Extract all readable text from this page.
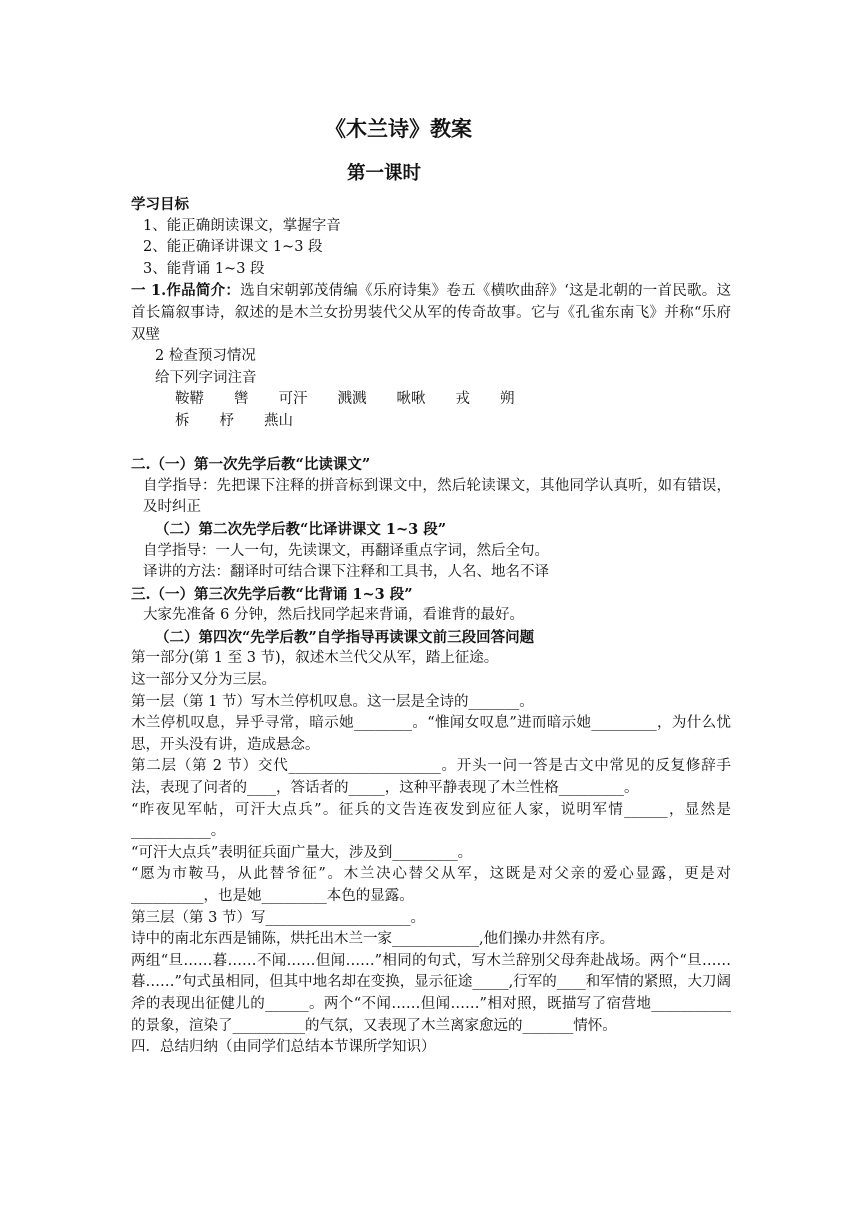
《木兰诗》教案
第一课时

学习目标

1、能正确朗读课文，掌握字音

2、能正确译讲课文 1~3 段

3、能背诵 1~3 段

一 1.作品简介：选自宋朝郭茂倩编《乐府诗集》卷五《横吹曲辞》‘这是北朝的一首民歌。这首长篇叙事诗，叙述的是木兰女扮男装代父从军的传奇故事。它与《孔雀东南飞》并称“乐府双壁

2 检查预习情况

给下列字词注音

鞍鞯 辔 可汗 溅溅 啾啾 戎 朔
柝 杼 燕山

二.（一）第一次先学后教“比读课文”

自学指导：先把课下注释的拼音标到课文中，然后轮读课文，其他同学认真听，如有错误，及时纠正

（二）第二次先学后教“比译讲课文 1~3 段”

自学指导：一人一句，先读课文，再翻译重点字词，然后全句。

译讲的方法：翻译时可结合课下注释和工具书，人名、地名不译

三.（一）第三次先学后教“比背诵 1~3 段”

大家先准备 6 分钟，然后找同学起来背诵，看谁背的最好。

（二）第四次“先学后教”自学指导再读课文前三段回答问题

第一部分(第 1 至 3 节)，叙述木兰代父从军，踏上征途。

这一部分又分为三层。

第一层（第 1 节）写木兰停机叹息。这一层是全诗的_______。

木兰停机叹息，异乎寻常，暗示她________。“惟闻女叹息”进而暗示她_________，为什么忧思，开头没有讲，造成悬念。

第二层（第 2 节）交代_____________________。开头一问一答是古文中常见的反复修辞手法，表现了问者的____，答话者的_____，这种平静表现了木兰性格_________。

“昨夜见军帖，可汗大点兵”。征兵的文告连夜发到应征人家，说明军情______，显然是___________。

“可汗大点兵”表明征兵面广量大，涉及到_________。

“愿为市鞍马，从此替爷征”。木兰决心替父从军，这既是对父亲的爱心显露，更是对__________，也是她_________本色的显露。

第三层（第 3 节）写____________________。

诗中的南北东西是铺陈，烘托出木兰一家____________,他们操办井然有序。

两组“旦……暮……不闻……但闻……”相同的句式，写木兰辞别父母奔赴战场。两个“旦……暮……”句式虽相同，但其中地名却在变换，显示征途_____,行军的____和军情的紧照，大刀阔斧的表现出征健儿的______。两个“不闻……但闻……”相对照，既描写了宿营地___________的景象，渲染了__________的气氛，又表现了木兰离家愈远的_______情怀。

四．总结归纳（由同学们总结本节课所学知识）
